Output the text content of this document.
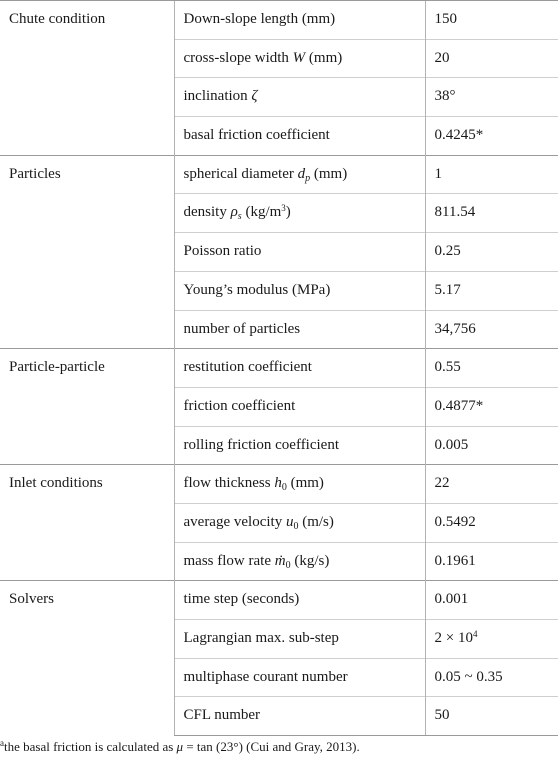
Chute condition	Down-slope length (mm)	150
	cross-slope width W (mm)	20
	inclination ζ	38°
	basal friction coefficient	0.4245*
Particles	spherical diameter $d_p$ (mm)	1
	density $\rho_s$ $(kg/m^3)$	811.54
	Poisson ratio	0.25
	Young’s modulus (MPa)	5.17
	number of particles	34,756
Particle-particle	restitution coefficient	0.55
	friction coefficient	0.4877*
	rolling friction coefficient	0.005
Inlet conditions	flow thickness $h_0$ (mm)	22
	average velocity $u_0$ (m/s)	0.5492
	mass flow rate ṁ$_0$ (kg/s)	0.1961
Solvers	time step (seconds)	0.001
	Lagrangian max. sub-step	$2 \times 10^4$
	multiphase courant number	0.05 ~ 0.35
	CFL number	50
$^a$the basal friction is calculated as μ = tan (23°) (Cui and Gray, 2013).
